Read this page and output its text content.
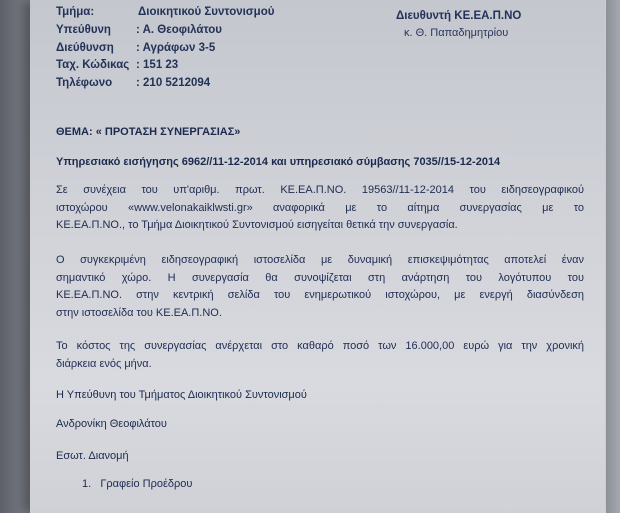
Τμήμα:	Διοικητικού Συντονισμού
Υπεύθυνη : Α. Θεοφιλάτου
Διεύθυνση : Αγράφων 3-5
Ταχ. Κώδικας : 151 23
Τηλέφωνο : 210 5212094
Διευθυντή ΚΕ.ΕΑ.Π.ΝΟ
κ. Θ. Παπαδημητρίου
ΘΕΜΑ: « ΠΡΟΤΑΣΗ ΣΥΝΕΡΓΑΣΙΑΣ»
Υπηρεσιακό εισήγησης 6962//11-12-2014 και υπηρεσιακό σύμβασης 7035//15-12-2014
Σε συνέχεια του υπ'αριθμ. πρωτ. ΚΕ.ΕΑ.Π.ΝΟ. 19563//11-12-2014 του ειδησεογραφικού
ιστοχώρου «www.velonakaiklwsti.gr» αναφορικά με το αίτημα συνεργασίας με το
ΚΕ.ΕΑ.Π.ΝΟ., το Τμήμα Διοικητικού Συντονισμού εισηγείται θετικά την συνεργασία.
Ο συγκεκριμένη ειδησεογραφική ιστοσελίδα με δυναμική επισκεψιμότητας αποτελεί έναν
σημαντικό χώρο. Η συνεργασία θα συνοψίζεται στη ανάρτηση του λογότυπου του
ΚΕ.ΕΑ.Π.ΝΟ. στην κεντρική σελίδα του ενημερωτικού ιστοχώρου, με ενεργή διασύνδεση
στην ιστοσελίδα του ΚΕ.ΕΑ.Π.ΝΟ.
Το κόστος της συνεργασίας ανέρχεται στο καθαρό ποσό των 16.000,00 ευρώ για την χρονική
διάρκεια ενός μήνα.
Η Υπεύθυνη του Τμήματος Διοικητικού Συντονισμού
Ανδρονίκη Θεοφιλάτου
Εσωτ. Διανομή
1.   Γραφείο Προέδρου
